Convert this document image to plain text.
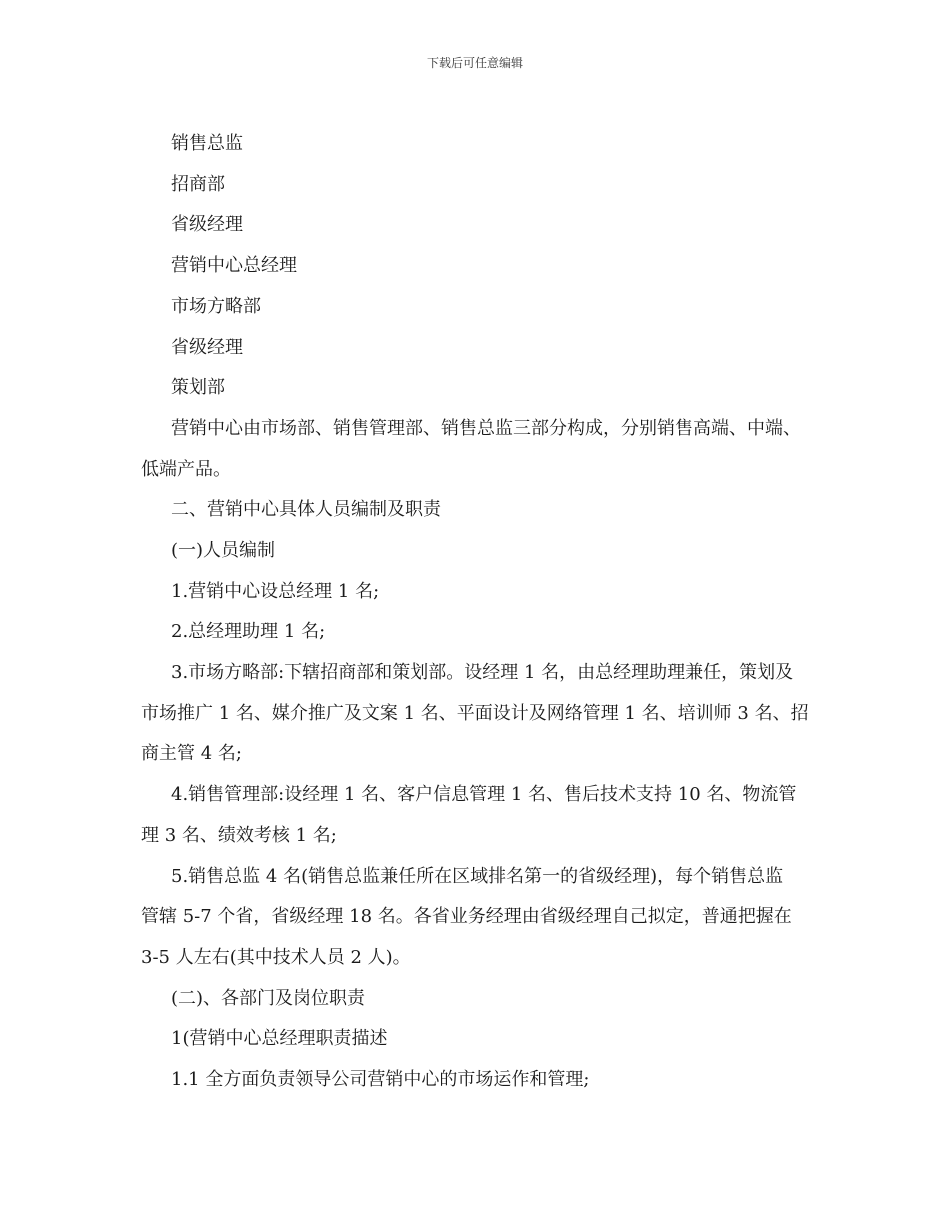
下载后可任意编辑
销售总监
招商部
省级经理
营销中心总经理
市场方略部
省级经理
策划部
营销中心由市场部、销售管理部、销售总监三部分构成，分别销售高端、中端、
低端产品。
二、营销中心具体人员编制及职责
(一)人员编制
1.营销中心设总经理 1 名;
2.总经理助理 1 名;
3.市场方略部:下辖招商部和策划部。设经理 1 名，由总经理助理兼任，策划及
市场推广 1 名、媒介推广及文案 1 名、平面设计及网络管理 1 名、培训师 3 名、招
商主管 4 名;
4.销售管理部:设经理 1 名、客户信息管理 1 名、售后技术支持 10 名、物流管
理 3 名、绩效考核 1 名;
5.销售总监 4 名(销售总监兼任所在区域排名第一的省级经理)，每个销售总监
管辖 5-7 个省，省级经理 18 名。各省业务经理由省级经理自己拟定，普通把握在
3-5 人左右(其中技术人员 2 人)。
(二)、各部门及岗位职责
1(营销中心总经理职责描述
1.1 全方面负责领导公司营销中心的市场运作和管理;
